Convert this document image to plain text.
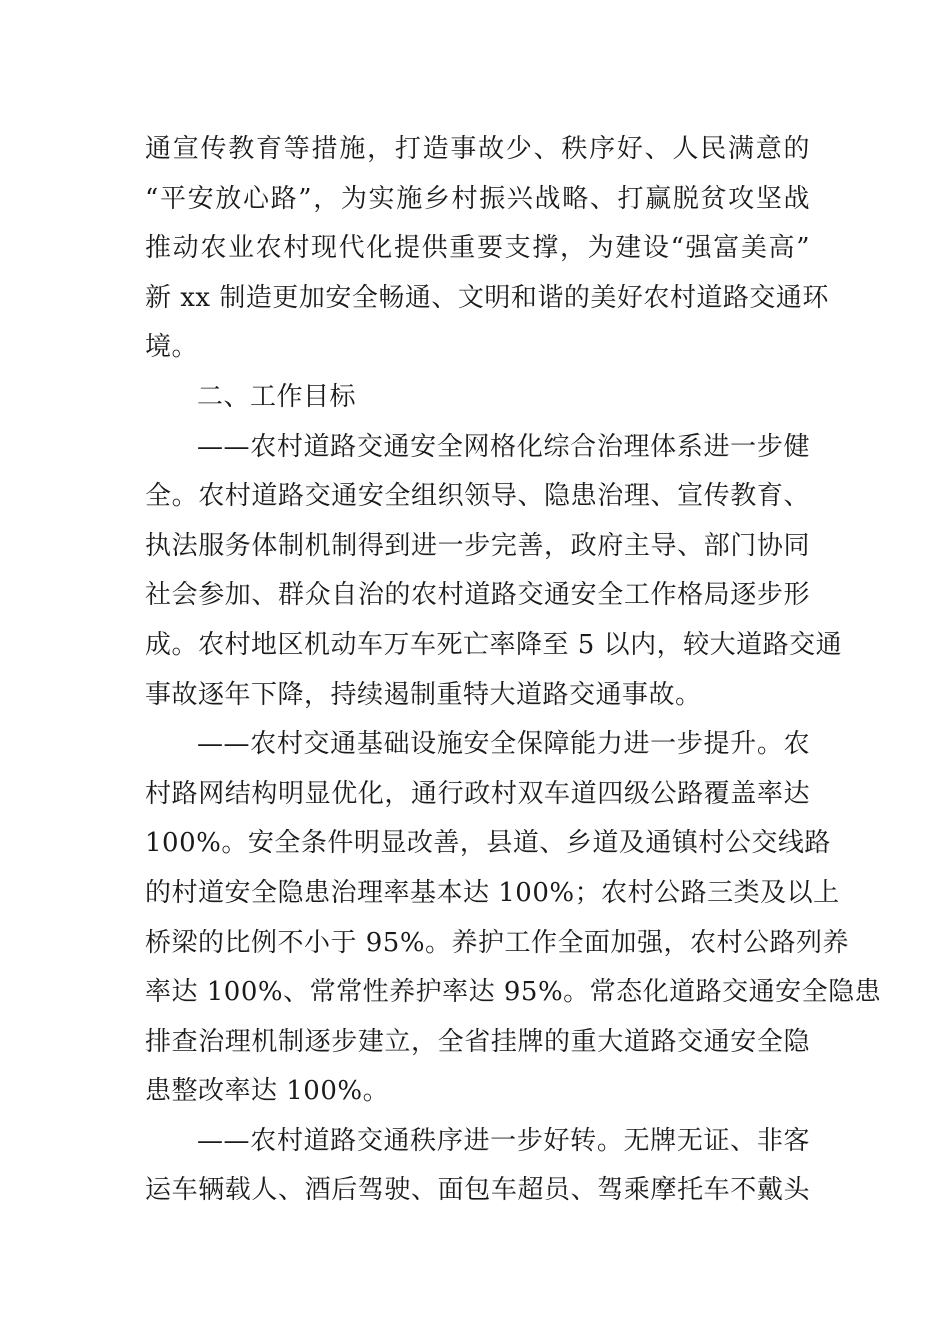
通宣传教育等措施，打造事故少、秩序好、人民满意的
“平安放心路”，为实施乡村振兴战略、打赢脱贫攻坚战
推动农业农村现代化提供重要支撑，为建设“强富美高”
新 xx 制造更加安全畅通、文明和谐的美好农村道路交通环
境。
二、工作目标
——农村道路交通安全网格化综合治理体系进一步健
全。农村道路交通安全组织领导、隐患治理、宣传教育、
执法服务体制机制得到进一步完善，政府主导、部门协同
社会参加、群众自治的农村道路交通安全工作格局逐步形
成。农村地区机动车万车死亡率降至 5 以内，较大道路交通
事故逐年下降，持续遏制重特大道路交通事故。
——农村交通基础设施安全保障能力进一步提升。农
村路网结构明显优化，通行政村双车道四级公路覆盖率达
100%。安全条件明显改善，县道、乡道及通镇村公交线路
的村道安全隐患治理率基本达 100%；农村公路三类及以上
桥梁的比例不小于 95%。养护工作全面加强，农村公路列养
率达 100%、常常性养护率达 95%。常态化道路交通安全隐患
排查治理机制逐步建立，全省挂牌的重大道路交通安全隐
患整改率达 100%。
——农村道路交通秩序进一步好转。无牌无证、非客
运车辆载人、酒后驾驶、面包车超员、驾乘摩托车不戴头
